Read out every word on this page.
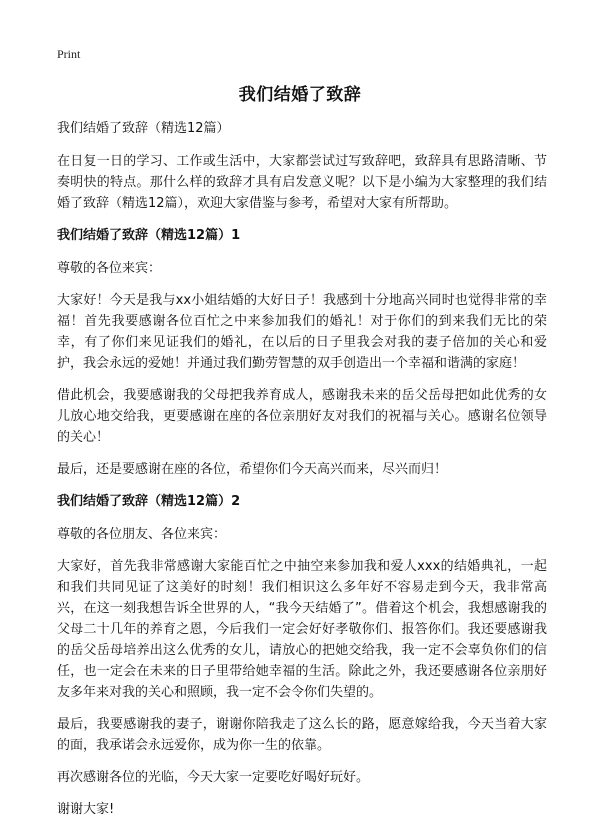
Print
我们结婚了致辞

我们结婚了致辞（精选12篇）

在日复一日的学习、工作或生活中，大家都尝试过写致辞吧，致辞具有思路清晰、节奏明快的特点。那什么样的致辞才具有启发意义呢？以下是小编为大家整理的我们结婚了致辞（精选12篇），欢迎大家借鉴与参考，希望对大家有所帮助。

我们结婚了致辞（精选12篇）1

尊敬的各位来宾：

大家好！今天是我与xx小姐结婚的大好日子！我感到十分地高兴同时也觉得非常的幸福！首先我要感谢各位百忙之中来参加我们的婚礼！对于你们的到来我们无比的荣幸，有了你们来见证我们的婚礼，在以后的日子里我会对我的妻子倍加的关心和爱护，我会永远的爱她！并通过我们勤劳智慧的双手创造出一个幸福和谐满的家庭！

借此机会，我要感谢我的父母把我养育成人，感谢我未来的岳父岳母把如此优秀的女儿放心地交给我，更要感谢在座的各位亲朋好友对我们的祝福与关心。感谢名位领导的关心！

最后，还是要感谢在座的各位，希望你们今天高兴而来，尽兴而归！

我们结婚了致辞（精选12篇）2

尊敬的各位朋友、各位来宾：

大家好，首先我非常感谢大家能百忙之中抽空来参加我和爱人xxx的结婚典礼，一起和我们共同见证了这美好的时刻！我们相识这么多年好不容易走到今天，我非常高兴，在这一刻我想告诉全世界的人，“我今天结婚了”。借着这个机会，我想感谢我的父母二十几年的养育之恩，今后我们一定会好好孝敬你们、报答你们。我还要感谢我的岳父岳母培养出这么优秀的女儿，请放心的把她交给我，我一定不会辜负你们的信任，也一定会在未来的日子里带给她幸福的生活。除此之外，我还要感谢各位亲朋好友多年来对我的关心和照顾，我一定不会令你们失望的。

最后，我要感谢我的妻子，谢谢你陪我走了这么长的路，愿意嫁给我，今天当着大家的面，我承诺会永远爱你，成为你一生的依靠。

再次感谢各位的光临，今天大家一定要吃好喝好玩好。

谢谢大家!
